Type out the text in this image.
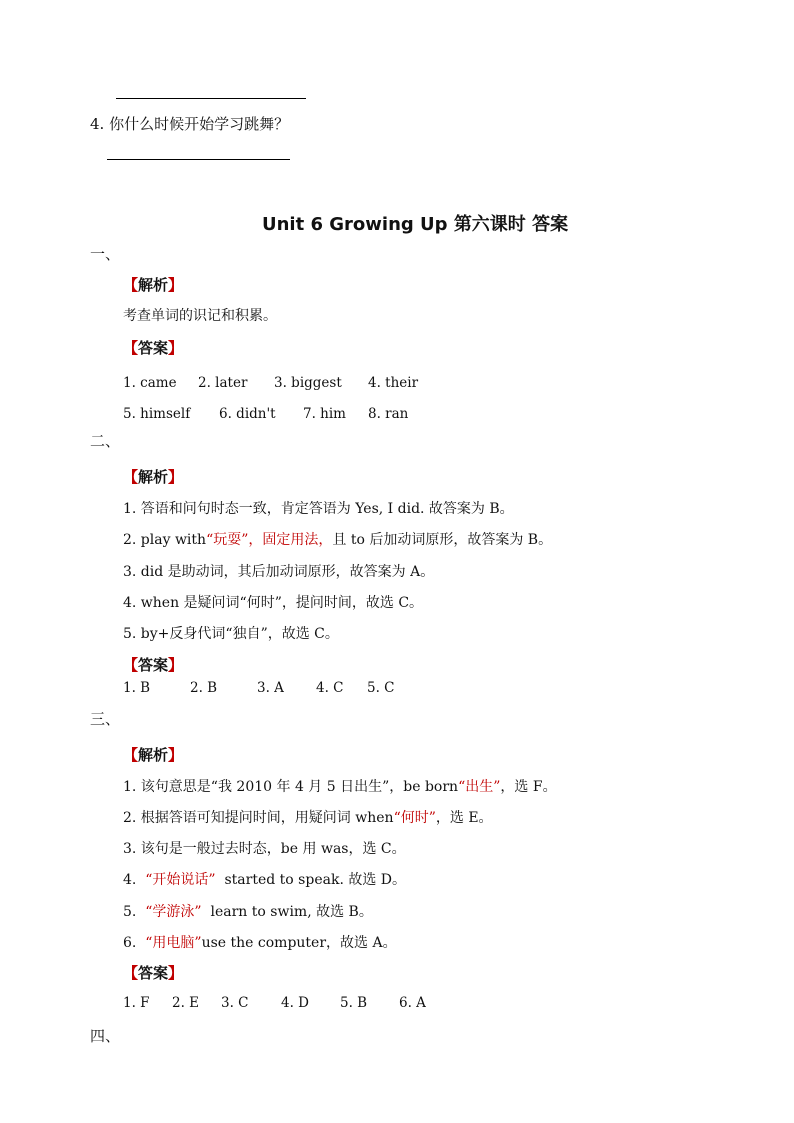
4. 你什么时候开始学习跳舞？
Unit 6 Growing Up 第六课时 答案
一、
【解析】
考查单词的识记和积累。
【答案】
1. came 2. later 3. biggest 4. their
5. himself 6. didn't 7. him 8. ran
二、
【解析】
1. 答语和问句时态一致，肯定答语为 Yes, I did. 故答案为 B。
2. play with“玩耍”，固定用法，且 to 后加动词原形，故答案为 B。
3. did 是助动词，其后加动词原形，故答案为 A。
4. when 是疑问词“何时”，提问时间，故选 C。
5. by+反身代词“独自”，故选 C。
【答案】
1. B	2. B	3. A 4. C 5. C
三、
【解析】
1. 该句意思是“我 2010 年 4 月 5 日出生”，be born“出生”，选 F。
2. 根据答语可知提问时间，用疑问词 when“何时”，选 E。
3. 该句是一般过去时态，be 用 was，选 C。
4. “开始说话” started to speak. 故选 D。
5. “学游泳” learn to swim, 故选 B。
6. “用电脑”use the computer，故选 A。
【答案】
1. F 2. E 3. C 4. D 5. B 6. A
四、
